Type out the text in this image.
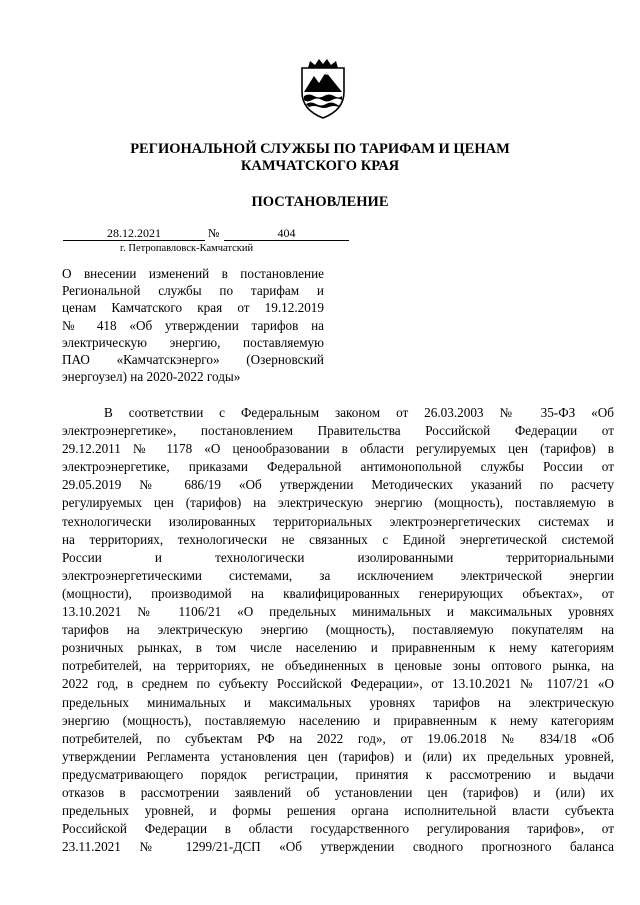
РЕГИОНАЛЬНОЙ СЛУЖБЫ ПО ТАРИФАМ И ЦЕНАМ
КАМЧАТСКОГО КРАЯ
ПОСТАНОВЛЕНИЕ
28.12.2021	№	404
г. Петропавловск-Камчатский
О внесении изменений в постановление
Региональной службы по тарифам и
ценам Камчатского края от 19.12.2019
№ 418 «Об утверждении тарифов на
электрическую энергию, поставляемую
ПАО «Камчатскэнерго» (Озерновский
энергоузел) на 2020-2022 годы»
В соответствии с Федеральным законом от 26.03.2003 № 35-ФЗ «Об
электроэнергетике», постановлением Правительства Российской Федерации от
29.12.2011 № 1178 «О ценообразовании в области регулируемых цен (тарифов) в
электроэнергетике, приказами Федеральной антимонопольной службы России от
29.05.2019 № 686/19 «Об утверждении Методических указаний по расчету
регулируемых цен (тарифов) на электрическую энергию (мощность), поставляемую в
технологически изолированных территориальных электроэнергетических системах и
на территориях, технологически не связанных с Единой энергетической системой
России и технологически изолированными территориальными
электроэнергетическими системами, за исключением электрической энергии
(мощности), производимой на квалифицированных генерирующих объектах», от
13.10.2021 № 1106/21 «О предельных минимальных и максимальных уровнях
тарифов на электрическую энергию (мощность), поставляемую покупателям на
розничных рынках, в том числе населению и приравненным к нему категориям
потребителей, на территориях, не объединенных в ценовые зоны оптового рынка, на
2022 год, в среднем по субъекту Российской Федерации», от 13.10.2021 № 1107/21 «О
предельных минимальных и максимальных уровнях тарифов на электрическую
энергию (мощность), поставляемую населению и приравненным к нему категориям
потребителей, по субъектам РФ на 2022 год», от 19.06.2018 № 834/18 «Об
утверждении Регламента установления цен (тарифов) и (или) их предельных уровней,
предусматривающего порядок регистрации, принятия к рассмотрению и выдачи
отказов в рассмотрении заявлений об установлении цен (тарифов) и (или) их
предельных уровней, и формы решения органа исполнительной власти субъекта
Российской Федерации в области государственного регулирования тарифов», от
23.11.2021 № 1299/21-ДСП «Об утверждении сводного прогнозного баланса
